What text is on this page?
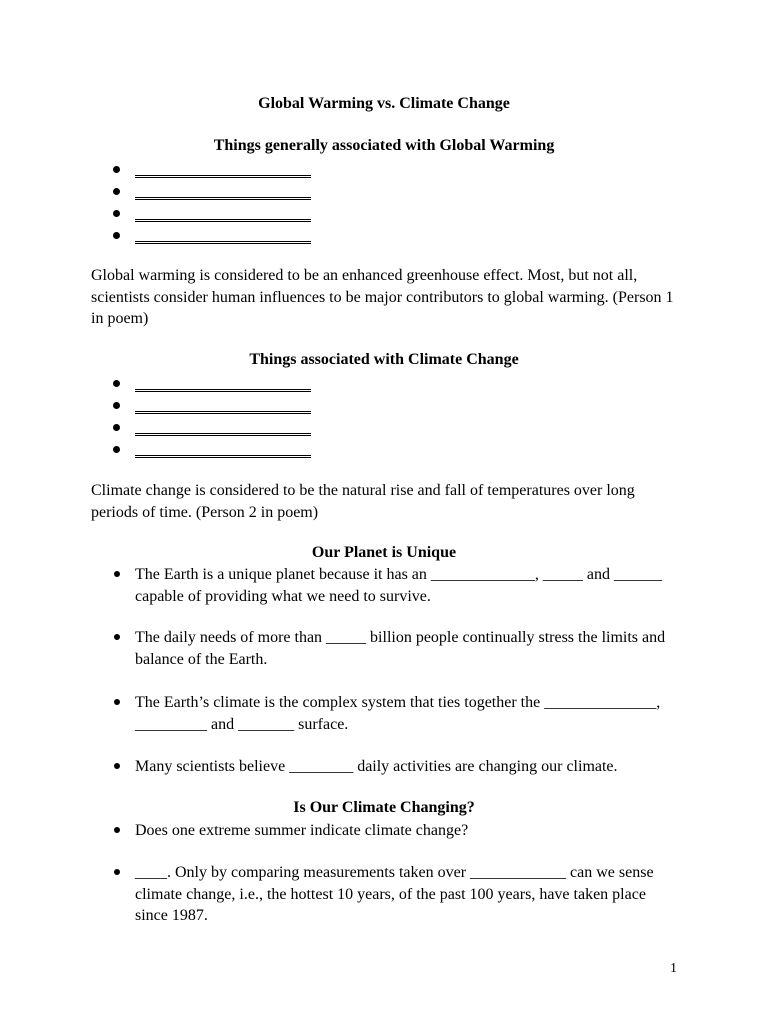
Global Warming vs. Climate Change
Things generally associated with Global Warming
Global warming is considered to be an enhanced greenhouse effect. Most, but not all, scientists consider human influences to be major contributors to global warming. (Person 1 in poem)
Things associated with Climate Change
Climate change is considered to be the natural rise and fall of temperatures over long periods of time. (Person 2 in poem)
Our Planet is Unique
The Earth is a unique planet because it has an _____________, _____ and ______ capable of providing what we need to survive.
The daily needs of more than _____ billion people continually stress the limits and balance of the Earth.
The Earth’s climate is the complex system that ties together the ______________, _________ and _______ surface.
Many scientists believe ________ daily activities are changing our climate.
Is Our Climate Changing?
Does one extreme summer indicate climate change?
____. Only by comparing measurements taken over ____________ can we sense climate change, i.e., the hottest 10 years, of the past 100 years, have taken place since 1987.
1
